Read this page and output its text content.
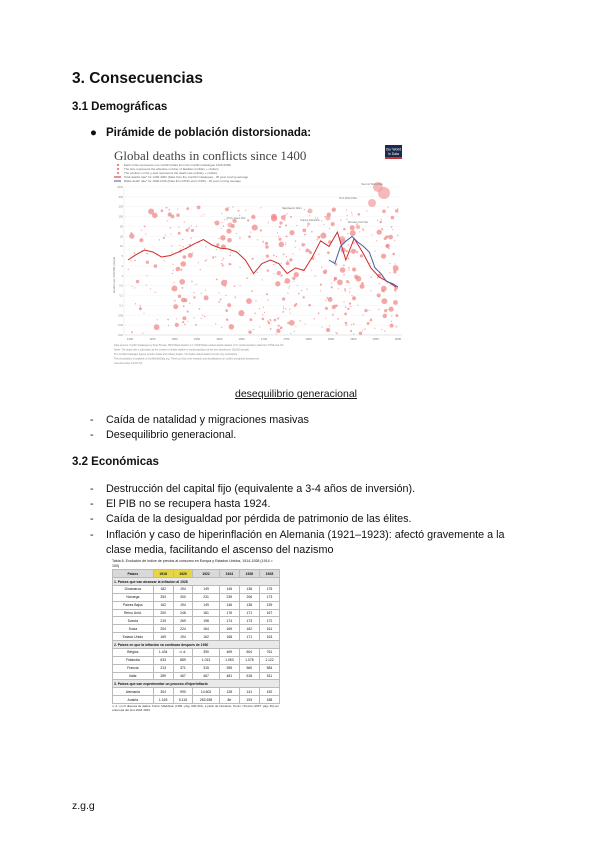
3. Consecuencias
3.1 Demográficas
● Pirámide de población distorsionada:
Global deaths in conflicts since 1400	Our World
in Data
Each circle represents one conflict (Data from the Conflict Catalogue 1400-2000)
The size represents the absolute number of fatalities (military + civilian)
The position on the y-axis represents the death rate (military + civilian)
Total deaths rate* for 1400-2000 (Data from the Conflict Catalogue) - 25 year moving average
Battle death rate* for 1900-2016 (Data from PRIO and UCDP) - 25 year moving average
Second World War
First World War
Taiping Rebellion
Napoleonic Wars
Thirty Years War
Russian Civil War
1400	1450	1500	1550	1600	1650	1700	1750	1800	1850	1900	1950	2000
1000
500
200
100
50
20
10
5
2
1
0.5
0.2
0.1
0.05
0.02
0.01
Deaths per 100,000 people
Data sources: Conflict Catalogue by Peter Brecke; PRIO Battle Deaths 3.1; UCDP Battle-related deaths dataset v.5.0; world population data from HYDE and UN.
Notes: The death rate is calculated as the number of deaths relative to world population at the time (deaths per 100,000 people).
The Conflict Catalogue figures include civilian and military deaths. The battle related deaths include only combatants.
This visualization is available at OurWorldInData.org. There you find more research and visualizations on conflict and global development.
Licensed under CC-BY-SA
desequilibrio generacional
- Caída de natalidad y migraciones masivas
- Desequilibrio generacional.
3.2 Económicas
- Destrucción del capital fijo (equivalente a 3-4 años de inversión).
- El PIB no se recupera hasta 1924.
- Caída de la desigualdad por pérdida de patrimonio de las élites.
- Inflación y caso de hiperinflación en Alemania (1921–1923): afectó gravemente a la clase media, facilitando el ascenso del nazismo
Tabla 6. Evolución de índice de precios al consumo en Europa y Estados Unidos, 1914-1928 (1914 = 100)
Países	1918	1920	1922	1924	1926	1928
1. Países que van alcanzar la inflación al 1928						
Dinamarca	182	194	149	145	138	175
Noruega	253	300	231	239	206	173
Países Bajos	162	194	149	146	138	139
Reino Unid.	200	248	181	176	171	167
Suecia	219	269	198	174	173	172
Suiza	204	224	164	169	162	161
Estado Unido	169	194	162	168	171	163
2. Países en que la inflación va continuar después de 1930						
Bélgica	1.434	n. d.	390	469	604	761
Finlandia	633	889	1.013	1.053	1.078	1.122
Francia	213	371	315	395	560	584
Italia	289	467	467	481	618	511
3. Países que van experimentar un proceso d'hiperinflació						
Alemania	304	990	14.602	128	141	152
Austria	1.163	5.115	263.938	8e	193	188
n. d.: no hi disposa de dades. Fonts: Maddison (1991: pàg. 300-301), a partir de Feinstein, Temin i Toniolo (1997: pàg. 39) per a Europa del test 1918-1926.
z.g.g
